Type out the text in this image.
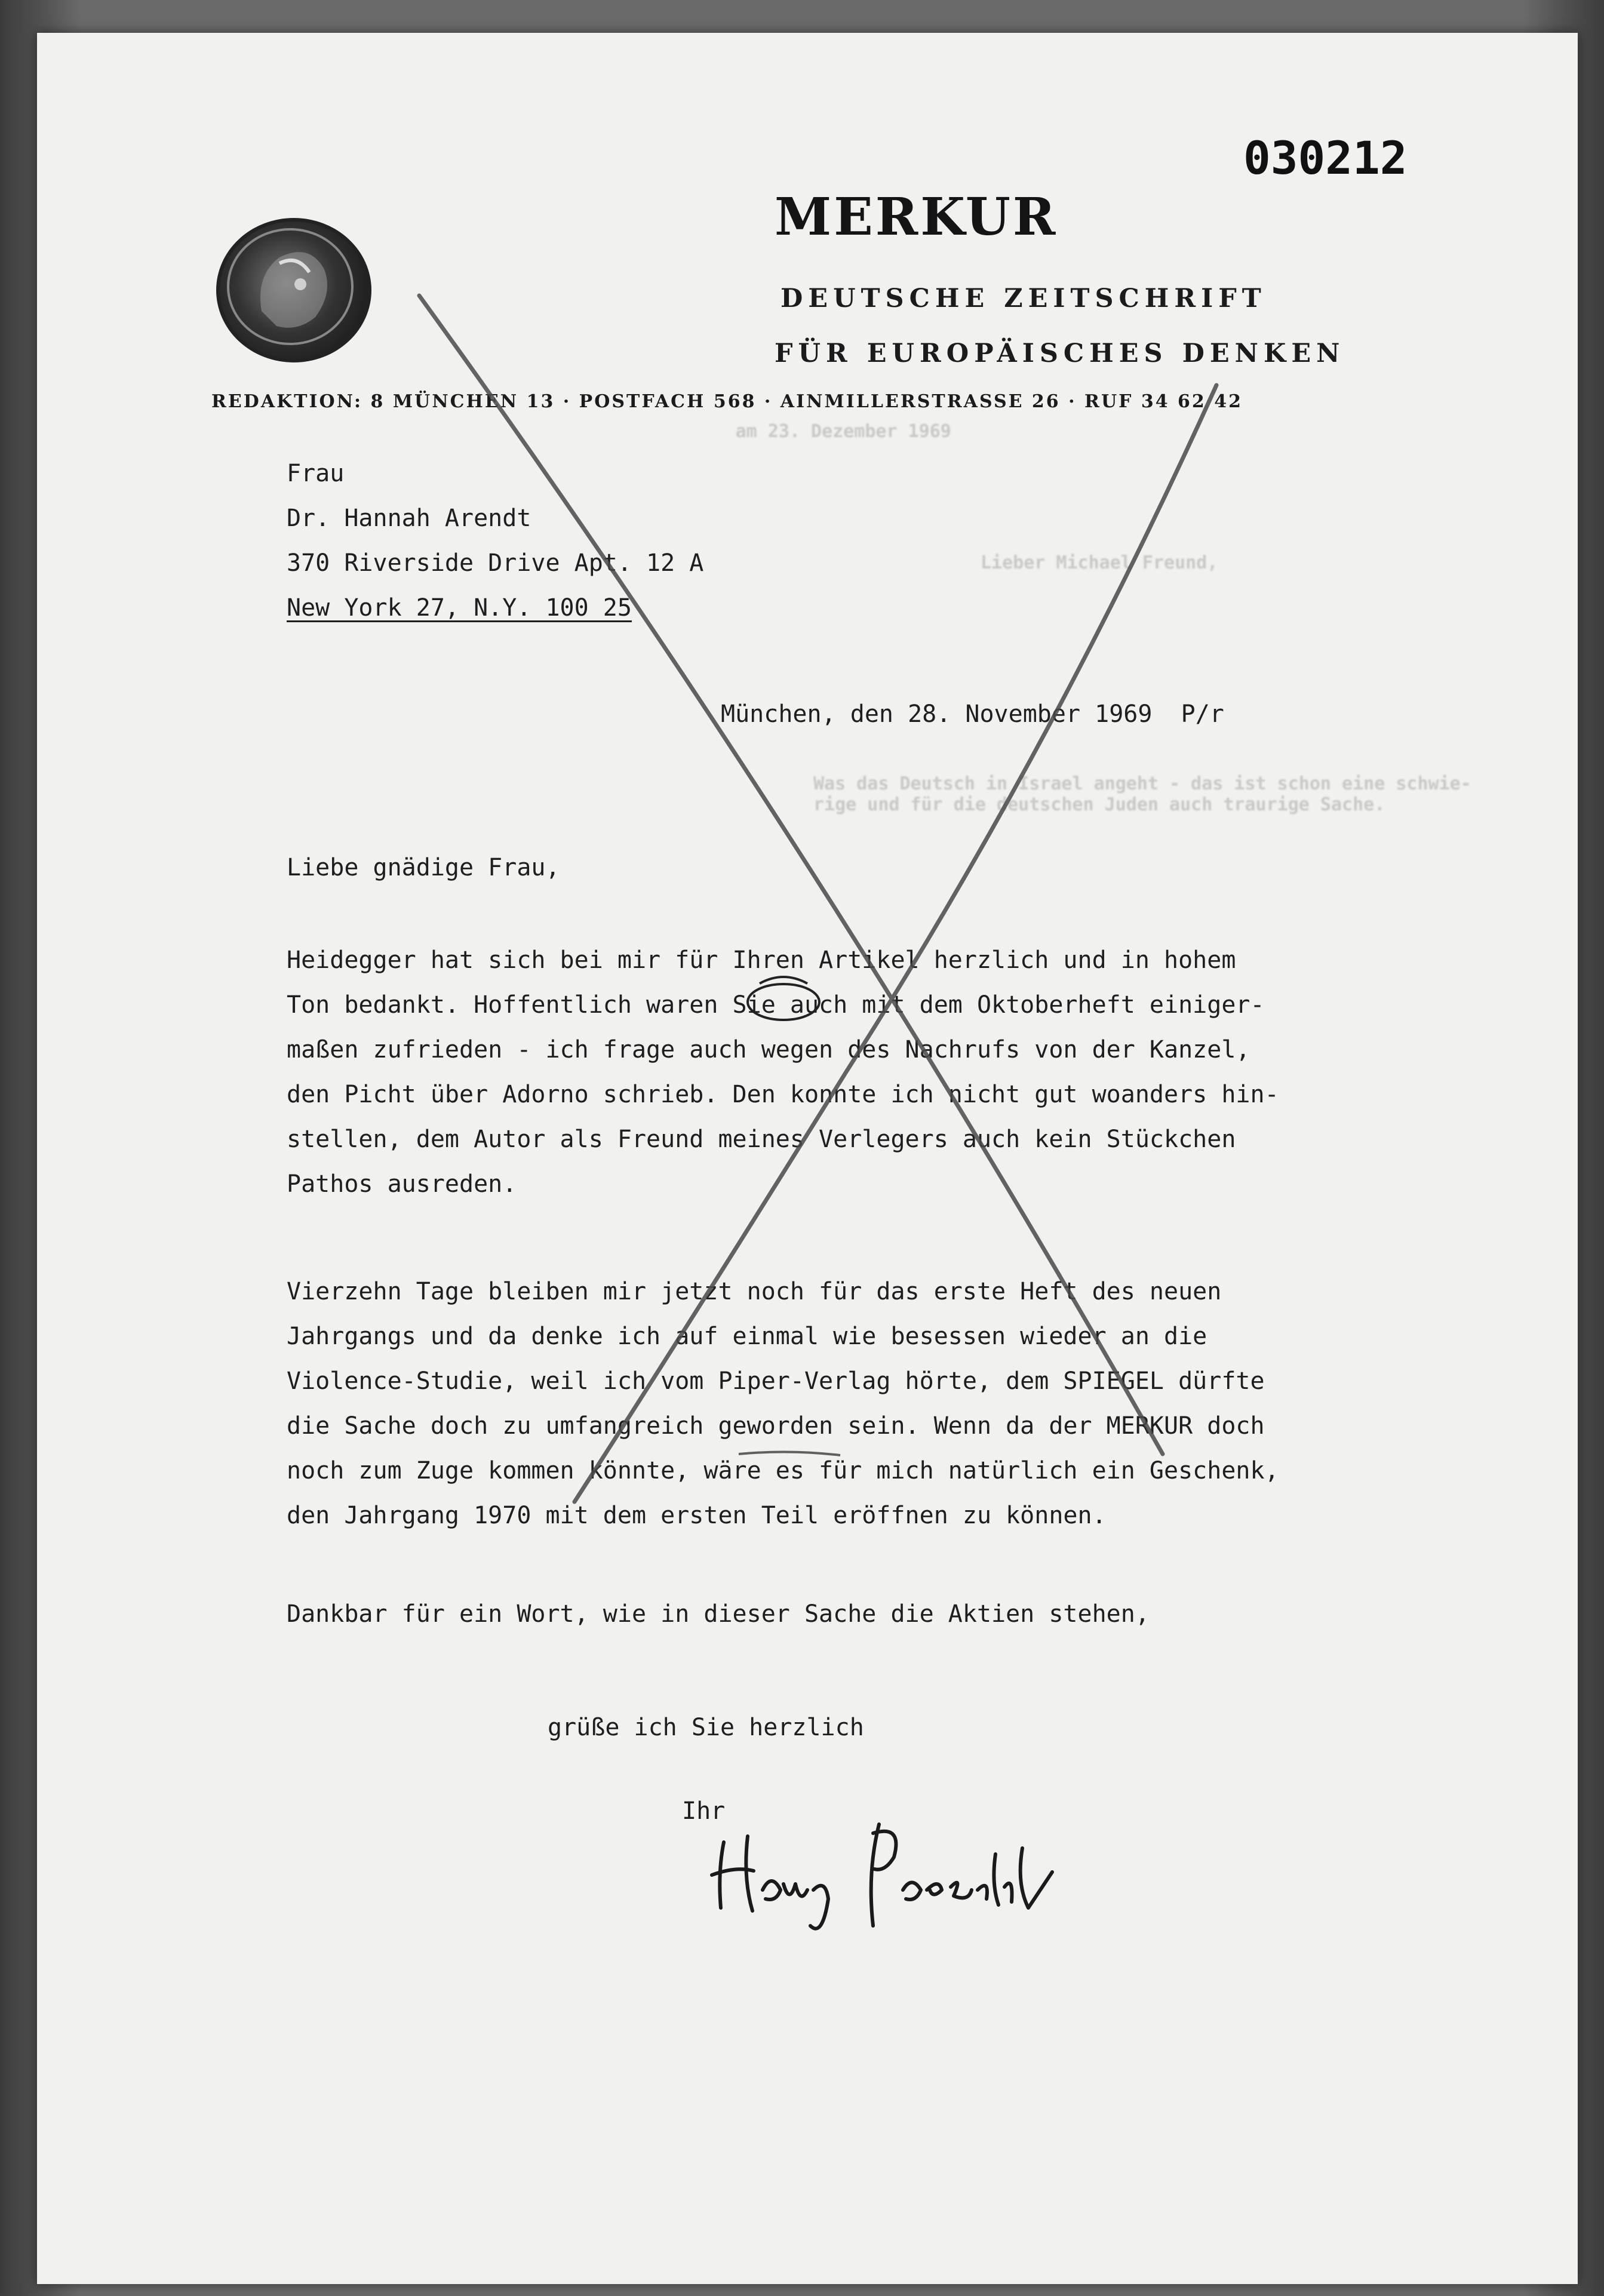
am 23. Dezember 1969
Lieber Michael Freund,
Was das Deutsch in Israel angeht - das ist schon eine schwie-
rige und für die deutschen Juden auch traurige Sache.
030212

MERKUR
DEUTSCHE ZEITSCHRIFT
FÜR EUROPÄISCHES DENKEN
REDAKTION: 8 MÜNCHEN 13 · POSTFACH 568 · AINMILLERSTRASSE 26 · RUF 34 62 42
Frau
Dr. Hannah Arendt
370 Riverside Drive Apt. 12 A
New York 27, N.Y. 100 25
München, den 28. November 1969  P/r
Liebe gnädige Frau,
Heidegger hat sich bei mir für Ihren Artikel herzlich und in hohem
Ton bedankt. Hoffentlich waren Sie auch mit dem Oktoberheft einiger-
maßen zufrieden - ich frage auch wegen des Nachrufs von der Kanzel,
den Picht über Adorno schrieb. Den konnte ich nicht gut woanders hin-
stellen, dem Autor als Freund meines Verlegers auch kein Stückchen
Pathos ausreden.
Vierzehn Tage bleiben mir jetzt noch für das erste Heft des neuen
Jahrgangs und da denke ich auf einmal wie besessen wieder an die
Violence-Studie, weil ich vom Piper-Verlag hörte, dem SPIEGEL dürfte
die Sache doch zu umfangreich geworden sein. Wenn da der MERKUR doch
noch zum Zuge kommen könnte, wäre es für mich natürlich ein Geschenk,
den Jahrgang 1970 mit dem ersten Teil eröffnen zu können.
Dankbar für ein Wort, wie in dieser Sache die Aktien stehen,
grüße ich Sie herzlich
Ihr
